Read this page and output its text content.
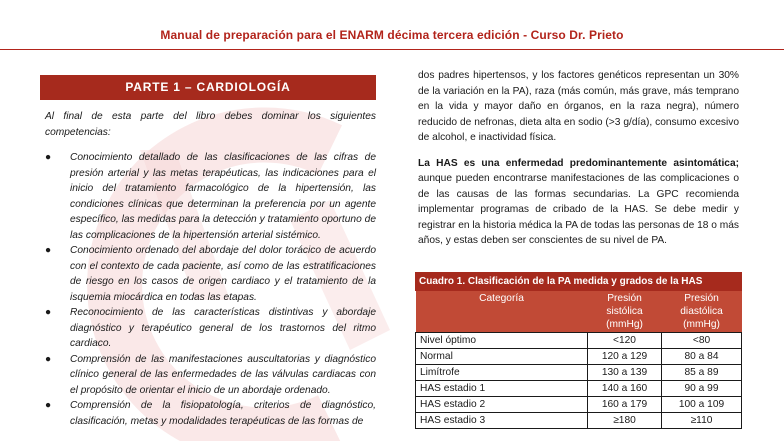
Manual de preparación para el ENARM décima tercera edición - Curso Dr. Prieto
PARTE 1 – CARDIOLOGÍA
Al final de esta parte del libro debes dominar los siguientes competencias:
● Conocimiento detallado de las clasificaciones de las cifras de presión arterial y las metas terapéuticas, las indicaciones para el inicio del tratamiento farmacológico de la hipertensión, las condiciones clínicas que determinan la preferencia por un agente específico, las medidas para la detección y tratamiento oportuno de las complicaciones de la hipertensión arterial sistémico.
● Conocimiento ordenado del abordaje del dolor torácico de acuerdo con el contexto de cada paciente, así como de las estratificaciones de riesgo en los casos de origen cardiaco y el tratamiento de la isquemia miocárdica en todas las etapas.
● Reconocimiento de las características distintivas y abordaje diagnóstico y terapéutico general de los trastornos del ritmo cardiaco.
● Comprensión de las manifestaciones auscultatorias y diagnóstico clínico general de las enfermedades de las válvulas cardiacas con el propósito de orientar el inicio de un abordaje ordenado.
● Comprensión de la fisiopatología, criterios de diagnóstico, clasificación, metas y modalidades terapéuticas de las formas de

dos padres hipertensos, y los factores genéticos representan un 30% de la variación en la PA), raza (más común, más grave, más temprano en la vida y mayor daño en órganos, en la raza negra), número reducido de nefronas, dieta alta en sodio (>3 g/día), consumo excesivo de alcohol, e inactividad física.

La HAS es una enfermedad predominantemente asintomática; aunque pueden encontrarse manifestaciones de las complicaciones o de las causas de las formas secundarias. La GPC recomienda implementar programas de cribado de la HAS. Se debe medir y registrar en la historia médica la PA de todas las personas de 18 o más años, y estas deben ser conscientes de su nivel de PA.

Cuadro 1. Clasificación de la PA medida y grados de la HAS
Categoría	Presión sistólica (mmHg)	Presión diastólica (mmHg)
Nivel óptimo	<120	<80
Normal	120 a 129	80 a 84
Limítrofe	130 a 139	85 a 89
HAS estadio 1	140 a 160	90 a 99
HAS estadio 2	160 a 179	100 a 109
HAS estadio 3	≥180	≥110
